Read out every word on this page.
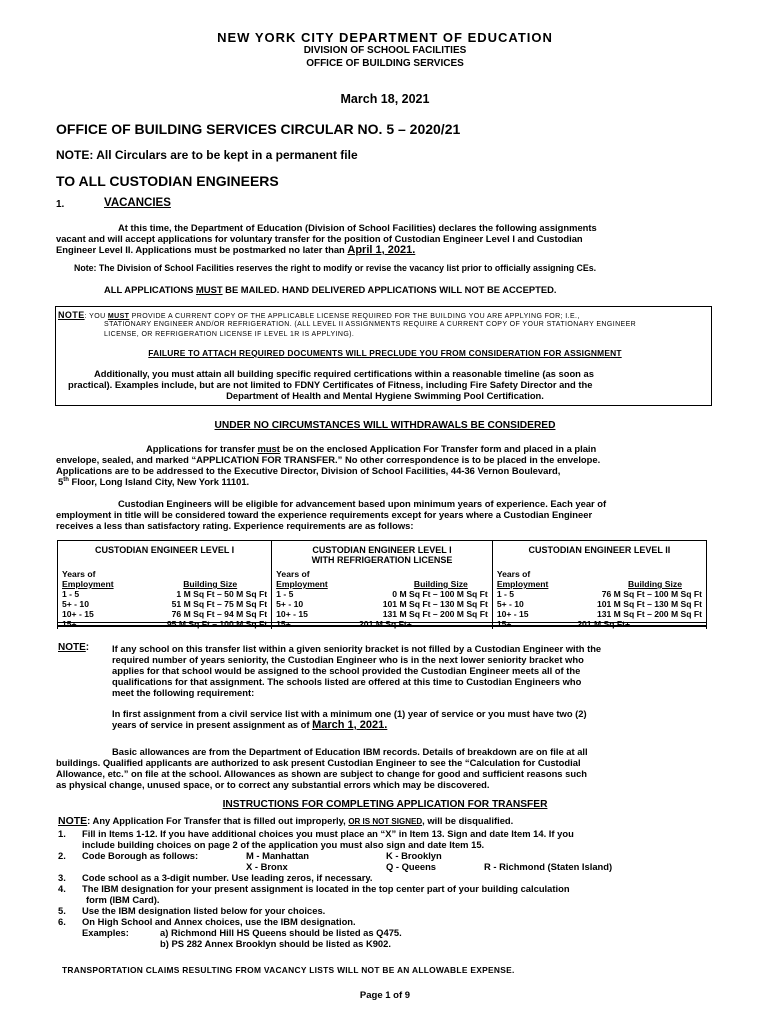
NEW YORK CITY DEPARTMENT OF EDUCATION
DIVISION OF SCHOOL FACILITIES
OFFICE OF BUILDING SERVICES
March 18, 2021
OFFICE OF BUILDING SERVICES CIRCULAR NO. 5 – 2020/21
NOTE: All Circulars are to be kept in a permanent file
TO ALL CUSTODIAN ENGINEERS
1.	VACANCIES
At this time, the Department of Education (Division of School Facilities) declares the following assignments
vacant and will accept applications for voluntary transfer for the position of Custodian Engineer Level I and Custodian
Engineer Level II. Applications must be postmarked no later than April 1, 2021.
Note: The Division of School Facilities reserves the right to modify or revise the vacancy list prior to officially assigning CEs.
ALL APPLICATIONS MUST BE MAILED. HAND DELIVERED APPLICATIONS WILL NOT BE ACCEPTED.
NOTE: YOU MUST PROVIDE A CURRENT COPY OF THE APPLICABLE LICENSE REQUIRED FOR THE BUILDING YOU ARE APPLYING FOR; I.E.,
STATIONARY ENGINEER AND/OR REFRIGERATION. (ALL LEVEL II ASSIGNMENTS REQUIRE A CURRENT COPY OF YOUR STATIONARY ENGINEER
LICENSE, OR REFRIGERATION LICENSE IF LEVEL 1R IS APPLYING).
FAILURE TO ATTACH REQUIRED DOCUMENTS WILL PRECLUDE YOU FROM CONSIDERATION FOR ASSIGNMENT
Additionally, you must attain all building specific required certifications within a reasonable timeline (as soon as
practical). Examples include, but are not limited to FDNY Certificates of Fitness, including Fire Safety Director and the
Department of Health and Mental Hygiene Swimming Pool Certification.
UNDER NO CIRCUMSTANCES WILL WITHDRAWALS BE CONSIDERED
Applications for transfer must be on the enclosed Application For Transfer form and placed in a plain
envelope, sealed, and marked “APPLICATION FOR TRANSFER.” No other correspondence is to be placed in the envelope.
Applications are to be addressed to the Executive Director, Division of School Facilities, 44-36 Vernon Boulevard,
5th Floor, Long Island City, New York 11101.
Custodian Engineers will be eligible for advancement based upon minimum years of experience. Each year of
employment in title will be considered toward the experience requirements except for years where a Custodian Engineer
receives a less than satisfactory rating. Experience requirements are as follows:
CUSTODIAN ENGINEER LEVEL I
Years of
Employment	Building Size
1 - 5	1 M Sq Ft – 50 M Sq Ft
5+ - 10	51 M Sq Ft – 75 M Sq Ft
10+ - 15	76 M Sq Ft – 94 M Sq Ft
15+	95 M Sq Ft – 100 M Sq Ft

CUSTODIAN ENGINEER LEVEL I
WITH REFRIGERATION LICENSE
Years of
Employment	Building Size
1 - 5	0 M Sq Ft – 100 M Sq Ft
5+ - 10	101 M Sq Ft – 130 M Sq Ft
10+ - 15	131 M Sq Ft – 200 M Sq Ft
15+	201 M Sq Ft+

CUSTODIAN ENGINEER LEVEL II
Years of
Employment	Building Size
1 - 5	76 M Sq Ft – 100 M Sq Ft
5+ - 10	101 M Sq Ft – 130 M Sq Ft
10+ - 15	131 M Sq Ft – 200 M Sq Ft
15+	201 M Sq Ft+
NOTE: If any school on this transfer list within a given seniority bracket is not filled by a Custodian Engineer with the
required number of years seniority, the Custodian Engineer who is in the next lower seniority bracket who
applies for that school would be assigned to the school provided the Custodian Engineer meets all of the
qualifications for that assignment. The schools listed are offered at this time to Custodian Engineers who
meet the following requirement:
In first assignment from a civil service list with a minimum one (1) year of service or you must have two (2)
years of service in present assignment as of March 1, 2021.
Basic allowances are from the Department of Education IBM records. Details of breakdown are on file at all
buildings. Qualified applicants are authorized to ask present Custodian Engineer to see the “Calculation for Custodial
Allowance, etc.” on file at the school. Allowances as shown are subject to change for good and sufficient reasons such
as physical change, unused space, or to correct any substantial errors which may be discovered.
INSTRUCTIONS FOR COMPLETING APPLICATION FOR TRANSFER
NOTE: Any Application For Transfer that is filled out improperly, OR IS NOT SIGNED, will be disqualified.
1. Fill in Items 1-12. If you have additional choices you must place an “X” in Item 13. Sign and date Item 14. If you
include building choices on page 2 of the application you must also sign and date Item 15.
2. Code Borough as follows:	M - Manhattan	K - Brooklyn
X - Bronx	Q - Queens	R - Richmond (Staten Island)
3. Code school as a 3-digit number. Use leading zeros, if necessary.
4. The IBM designation for your present assignment is located in the top center part of your building calculation
form (IBM Card).
5. Use the IBM designation listed below for your choices.
6. On High School and Annex choices, use the IBM designation.
Examples:	a) Richmond Hill HS Queens should be listed as Q475.
b) PS 282 Annex Brooklyn should be listed as K902.
TRANSPORTATION CLAIMS RESULTING FROM VACANCY LISTS WILL NOT BE AN ALLOWABLE EXPENSE.
Page 1 of 9
